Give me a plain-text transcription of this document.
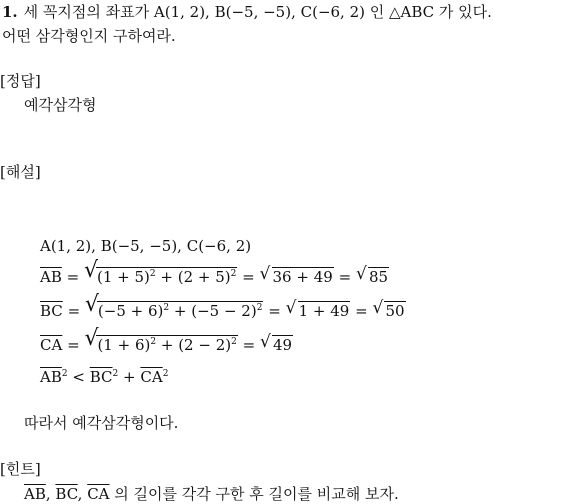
1. 세 꼭지점의 좌표가 A(1, 2), B(−5, −5), C(−6, 2) 인 △ABC 가 있다.
어떤 삼각형인지 구하여라.
[정답]
예각삼각형
[해설]
A(1, 2), B(−5, −5), C(−6, 2)
$\overline{AB}$ = √ $(1 + 5)^2 + (2 + 5)^2$ = √ 36 + 49 = √ 85
$\overline{BC}$ = √ $(-5 + 6)^2 + (-5 - 2)^2$ = √ 1 + 49 = √ 50
$\overline{CA}$ = √ $(1 + 6)^2 + (2 - 2)^2$ = √ 49
$\overline{AB}^2 < \overline{BC}^2 + \overline{CA}^2$
따라서 예각삼각형이다.
[힌트]
$\overline{AB}$, $\overline{BC}$, $\overline{CA}$ 의 길이를 각각 구한 후 길이를 비교해 보자.
